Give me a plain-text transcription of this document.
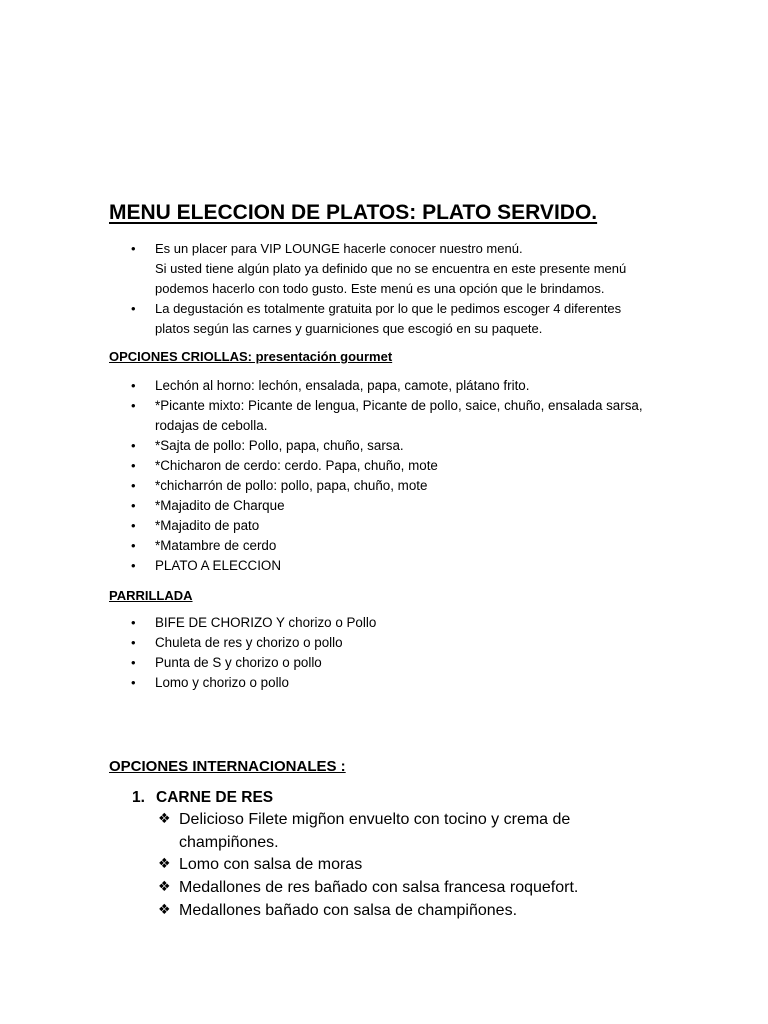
MENU ELECCION DE PLATOS: PLATO SERVIDO.
• Es un placer para VIP LOUNGE hacerle conocer nuestro menú.
Si usted tiene algún plato ya definido que no se encuentra en este presente menú
podemos hacerlo con todo gusto. Este menú es una opción que le brindamos.
• La degustación es totalmente gratuita por lo que le pedimos escoger 4 diferentes
platos según las carnes y guarniciones que escogió en su paquete.
OPCIONES CRIOLLAS: presentación gourmet
• Lechón al horno: lechón, ensalada, papa, camote, plátano frito.
• *Picante mixto: Picante de lengua, Picante de pollo, saice, chuño, ensalada sarsa,
rodajas de cebolla.
• *Sajta de pollo: Pollo, papa, chuño, sarsa.
• *Chicharon de cerdo: cerdo. Papa, chuño, mote
• *chicharrón de pollo: pollo, papa, chuño, mote
• *Majadito de Charque
• *Majadito de pato
• *Matambre de cerdo
• PLATO A ELECCION
PARRILLADA
• BIFE DE CHORIZO Y chorizo o Pollo
• Chuleta de res y chorizo o pollo
• Punta de S y chorizo o pollo
• Lomo y chorizo o pollo
OPCIONES INTERNACIONALES :
1. CARNE DE RES
❖ Delicioso Filete migñon envuelto con tocino y crema de
champiñones.
❖ Lomo con salsa de moras
❖ Medallones de res bañado con salsa francesa roquefort.
❖ Medallones bañado con salsa de champiñones.
